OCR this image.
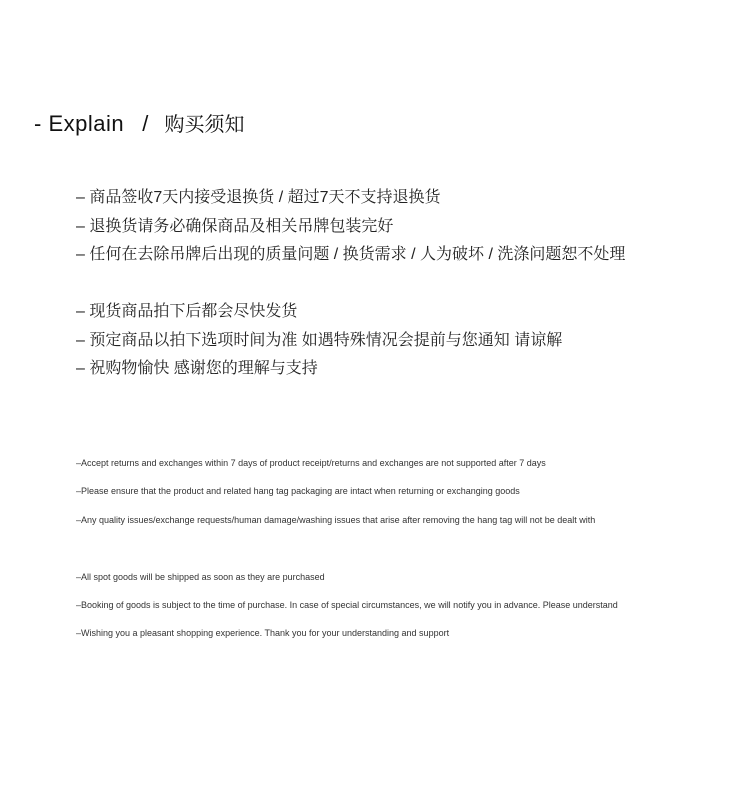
- Explain / 购买须知
– 商品签收7天内接受退换货 / 超过7天不支持退换货
– 退换货请务必确保商品及相关吊牌包装完好
– 任何在去除吊牌后出现的质量问题 / 换货需求 / 人为破坏 / 洗涤问题恕不处理
– 现货商品拍下后都会尽快发货
– 预定商品以拍下选项时间为准 如遇特殊情况会提前与您通知 请谅解
– 祝购物愉快 感谢您的理解与支持
–Accept returns and exchanges within 7 days of product receipt/returns and exchanges are not supported after 7 days
–Please ensure that the product and related hang tag packaging are intact when returning or exchanging goods
–Any quality issues/exchange requests/human damage/washing issues that arise after removing the hang tag will not be dealt with
–All spot goods will be shipped as soon as they are purchased
–Booking of goods is subject to the time of purchase. In case of special circumstances, we will notify you in advance. Please understand
–Wishing you a pleasant shopping experience. Thank you for your understanding and support
